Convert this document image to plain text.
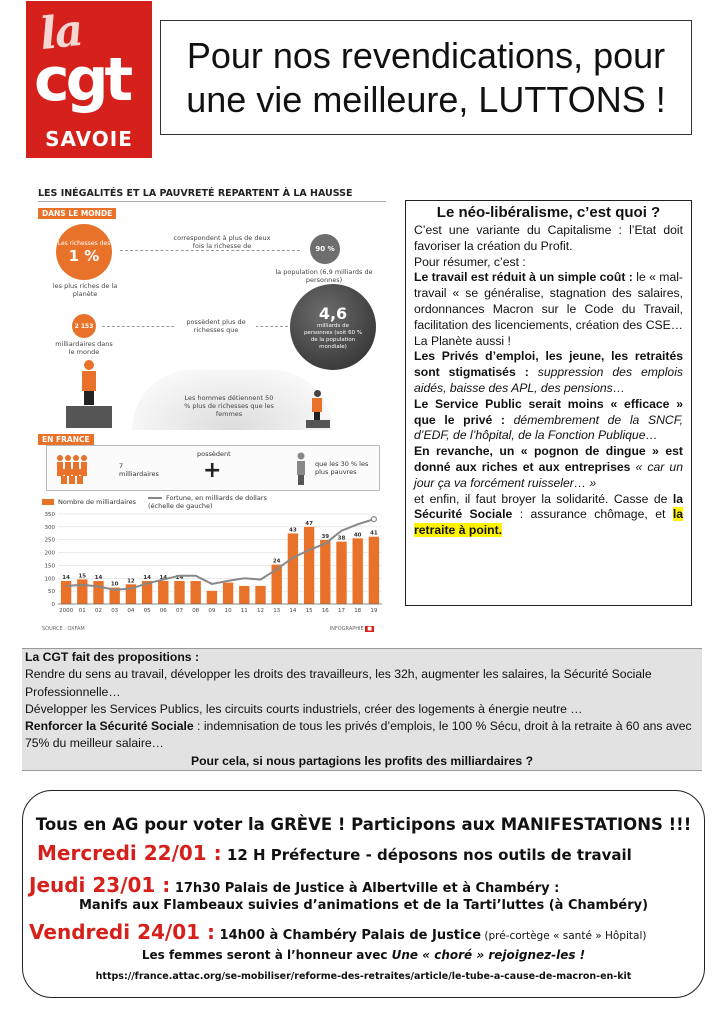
la
cgt
SAVOIE
Pour nos revendications, pour une vie meilleure, LUTTONS !
LES INÉGALITÉS ET LA PAUVRETÉ REPARTENT À LA HAUSSE
DANS LE MONDE
Les richesses des
1 %
les plus riches de la planète
correspondent à plus de deux fois la richesse de	90 %
la population (6,9 milliards de personnes)
2 153
milliardaires dans le monde
possèdent plus de richesses que
4,6
milliards de personnes (soit 60 % de la population mondiale)
Les hommes détiennent 50 % plus de richesses que les femmes
EN FRANCE
7 milliardaires
possèdent
+	que les 30 % les plus pauvres
Nombre de milliardaires	Fortune, en milliards de dollars (échelle de gauche)
0
50
100
150
200
250
300
350
14
2000
15
01
14
02
10
03
12
04
14
05
14
06
14
07 08 09 10 11 12
24
13
43
14
47
15
39
16
38
17
40
18
41
19
SOURCE : OXFAM	INFOGRAPHIE ■
Le néo-libéralisme, c’est quoi ?

C’est une variante du Capitalisme : l’Etat doit favoriser la création du Profit.

Pour résumer, c’est :

Le travail est réduit à un simple coût : le « mal-travail « se généralise, stagnation des salaires, ordonnances Macron sur le Code du Travail, facilitation des licenciements, création des CSE…La Planète aussi !

Les Privés d’emploi, les jeune, les retraités sont stigmatisés : suppression des emplois aidés, baisse des APL, des pensions…

Le Service Public serait moins « efficace » que le privé : démembrement de la SNCF, d’EDF, de l’hôpital, de la Fonction Publique…

En revanche, un « pognon de dingue » est donné aux riches et aux entreprises « car un jour ça va forcément ruisseler… »

et enfin, il faut broyer la solidarité. Casse de la Sécurité Sociale : assurance chômage, et la retraite à point.

La CGT fait des propositions :
Rendre du sens au travail, développer les droits des travailleurs, les 32h, augmenter les salaires, la Sécurité Sociale Professionnelle…
Développer les Services Publics, les circuits courts industriels, créer des logements à énergie neutre …
Renforcer la Sécurité Sociale : indemnisation de tous les privés d’emplois, le 100 % Sécu, droit à la retraite à 60 ans avec 75% du meilleur salaire…
Pour cela, si nous partagions les profits des milliardaires ?
Tous en AG pour voter la GRÈVE ! Participons aux MANIFESTATIONS !!!
Mercredi 22/01 : 12 H Préfecture - déposons nos outils de travail
Jeudi 23/01 : 17h30 Palais de Justice à Albertville et à Chambéry :
Manifs aux Flambeaux suivies d’animations et de la Tarti’luttes (à Chambéry)
Vendredi 24/01 : 14h00 à Chambéry Palais de Justice (pré-cortège « santé » Hôpital)
Les femmes seront à l’honneur avec Une « choré » rejoignez-les !
https://france.attac.org/se-mobiliser/reforme-des-retraites/article/le-tube-a-cause-de-macron-en-kit
